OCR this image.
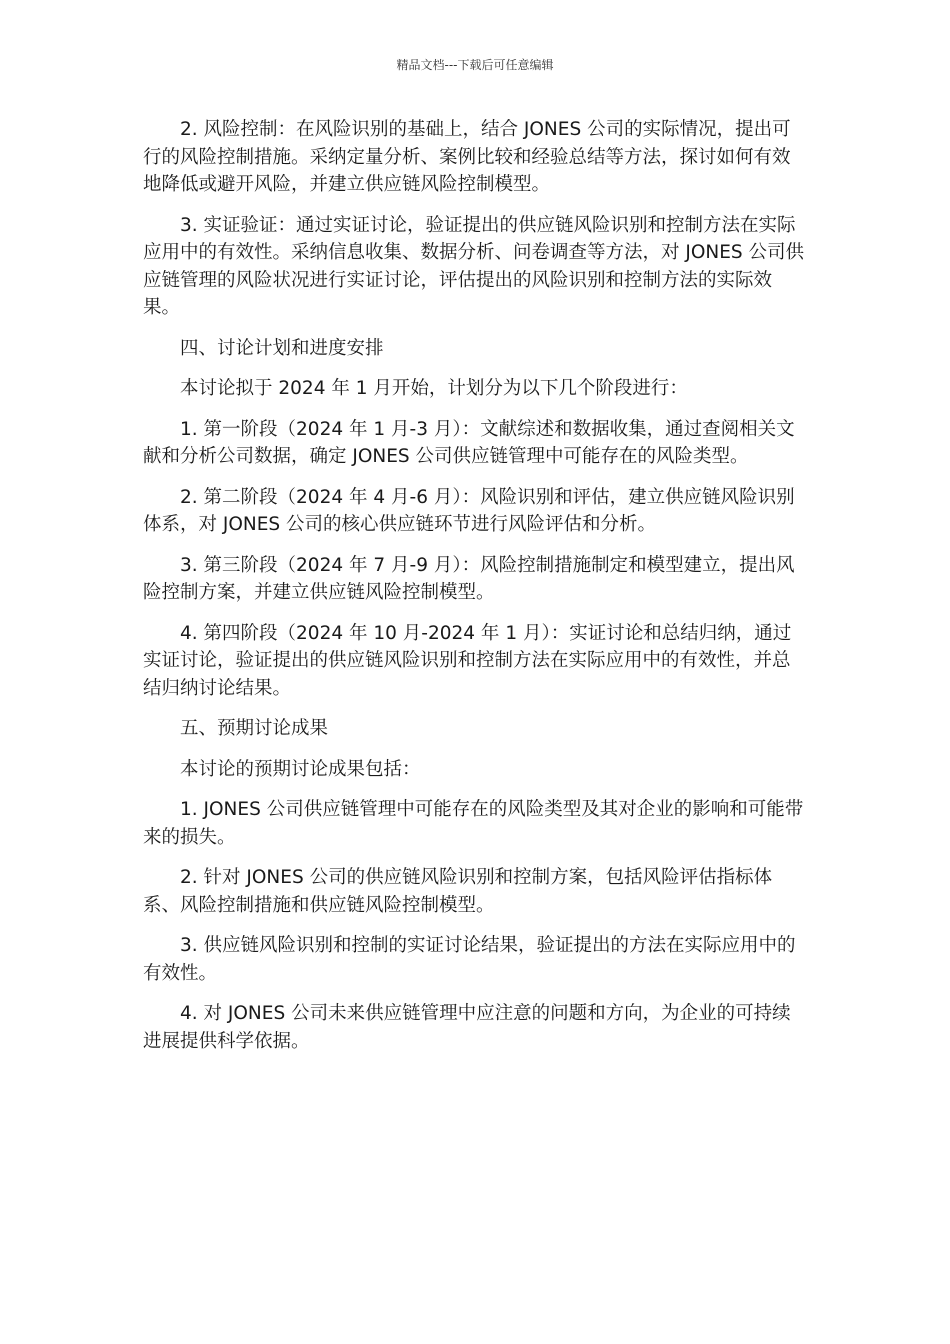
精品文档---下载后可任意编辑

2. 风险控制：在风险识别的基础上，结合 JONES 公司的实际情况，提出可行的风险控制措施。采纳定量分析、案例比较和经验总结等方法，探讨如何有效地降低或避开风险，并建立供应链风险控制模型。

3. 实证验证：通过实证讨论，验证提出的供应链风险识别和控制方法在实际应用中的有效性。采纳信息收集、数据分析、问卷调查等方法，对 JONES 公司供应链管理的风险状况进行实证讨论，评估提出的风险识别和控制方法的实际效果。

四、讨论计划和进度安排

本讨论拟于 2024 年 1 月开始，计划分为以下几个阶段进行：

1. 第一阶段（2024 年 1 月-3 月）：文献综述和数据收集，通过查阅相关文献和分析公司数据，确定 JONES 公司供应链管理中可能存在的风险类型。

2. 第二阶段（2024 年 4 月-6 月）：风险识别和评估，建立供应链风险识别体系，对 JONES 公司的核心供应链环节进行风险评估和分析。

3. 第三阶段（2024 年 7 月-9 月）：风险控制措施制定和模型建立，提出风险控制方案，并建立供应链风险控制模型。

4. 第四阶段（2024 年 10 月-2024 年 1 月）：实证讨论和总结归纳，通过实证讨论，验证提出的供应链风险识别和控制方法在实际应用中的有效性，并总结归纳讨论结果。

五、预期讨论成果

本讨论的预期讨论成果包括：

1. JONES 公司供应链管理中可能存在的风险类型及其对企业的影响和可能带来的损失。

2. 针对 JONES 公司的供应链风险识别和控制方案，包括风险评估指标体系、风险控制措施和供应链风险控制模型。

3. 供应链风险识别和控制的实证讨论结果，验证提出的方法在实际应用中的有效性。

4. 对 JONES 公司未来供应链管理中应注意的问题和方向，为企业的可持续进展提供科学依据。
